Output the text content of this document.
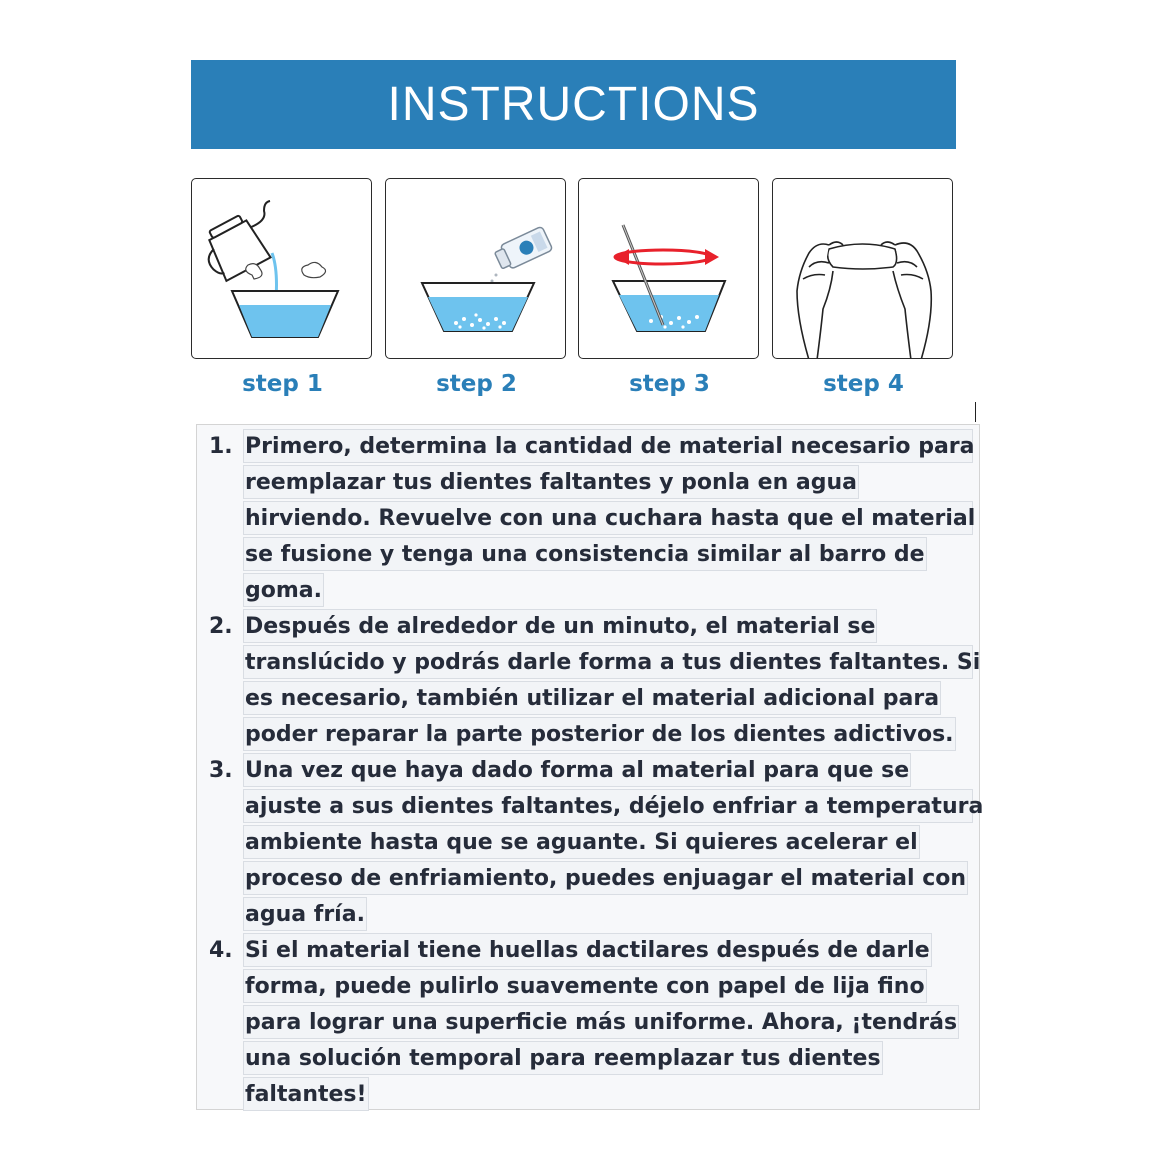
INSTRUCTIONS
step 1	step 2	step 3	step 4
1. Primero, determina la cantidad de material necesario para
reemplazar tus dientes faltantes y ponla en agua
hirviendo. Revuelve con una cuchara hasta que el material
se fusione y tenga una consistencia similar al barro de
goma.
2. Después de alrededor de un minuto, el material se
translúcido y podrás darle forma a tus dientes faltantes. Si
es necesario, también utilizar el material adicional para
poder reparar la parte posterior de los dientes adictivos.
3. Una vez que haya dado forma al material para que se
ajuste a sus dientes faltantes, déjelo enfriar a temperatura
ambiente hasta que se aguante. Si quieres acelerar el
proceso de enfriamiento, puedes enjuagar el material con
agua fría.
4. Si el material tiene huellas dactilares después de darle
forma, puede pulirlo suavemente con papel de lija fino
para lograr una superficie más uniforme. Ahora, ¡tendrás
una solución temporal para reemplazar tus dientes
faltantes!
